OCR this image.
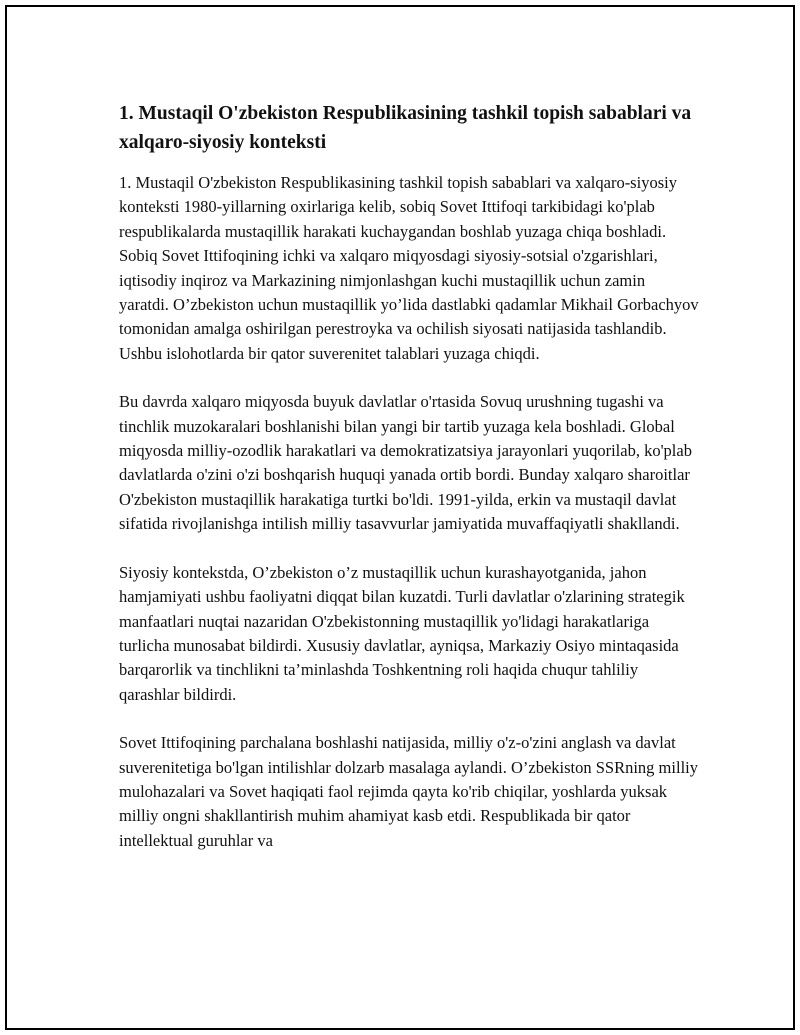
1. Mustaqil O'zbekiston Respublikasining tashkil topish sabablari va xalqaro-siyosiy konteksti

1. Mustaqil O'zbekiston Respublikasining tashkil topish sabablari va xalqaro-siyosiy konteksti 1980-yillarning oxirlariga kelib, sobiq Sovet Ittifoqi tarkibidagi ko'plab respublikalarda mustaqillik harakati kuchaygandan boshlab yuzaga chiqa boshladi. Sobiq Sovet Ittifoqining ichki va xalqaro miqyosdagi siyosiy-sotsial o'zgarishlari, iqtisodiy inqiroz va Markazining nimjonlashgan kuchi mustaqillik uchun zamin yaratdi. O’zbekiston uchun mustaqillik yo’lida dastlabki qadamlar Mikhail Gorbachyov tomonidan amalga oshirilgan perestroyka va ochilish siyosati natijasida tashlandib. Ushbu islohotlarda bir qator suverenitet talablari yuzaga chiqdi.

Bu davrda xalqaro miqyosda buyuk davlatlar o'rtasida Sovuq urushning tugashi va tinchlik muzokaralari boshlanishi bilan yangi bir tartib yuzaga kela boshladi. Global miqyosda milliy-ozodlik harakatlari va demokratizatsiya jarayonlari yuqorilab, ko'plab davlatlarda o'zini o'zi boshqarish huquqi yanada ortib bordi. Bunday xalqaro sharoitlar O'zbekiston mustaqillik harakatiga turtki bo'ldi. 1991-yilda, erkin va mustaqil davlat sifatida rivojlanishga intilish milliy tasavvurlar jamiyatida muvaffaqiyatli shakllandi.

Siyosiy kontekstda, O’zbekiston o’z mustaqillik uchun kurashayotganida, jahon hamjamiyati ushbu faoliyatni diqqat bilan kuzatdi. Turli davlatlar o'zlarining strategik manfaatlari nuqtai nazaridan O'zbekistonning mustaqillik yo'lidagi harakatlariga turlicha munosabat bildirdi. Xususiy davlatlar, ayniqsa, Markaziy Osiyo mintaqasida barqarorlik va tinchlikni ta’minlashda Toshkentning roli haqida chuqur tahliliy qarashlar bildirdi.

Sovet Ittifoqining parchalana boshlashi natijasida, milliy o'z-o'zini anglash va davlat suverenitetiga bo'lgan intilishlar dolzarb masalaga aylandi. O’zbekiston SSRning milliy mulohazalari va Sovet haqiqati faol rejimda qayta ko'rib chiqilar, yoshlarda yuksak milliy ongni shakllantirish muhim ahamiyat kasb etdi. Respublikada bir qator intellektual guruhlar va
